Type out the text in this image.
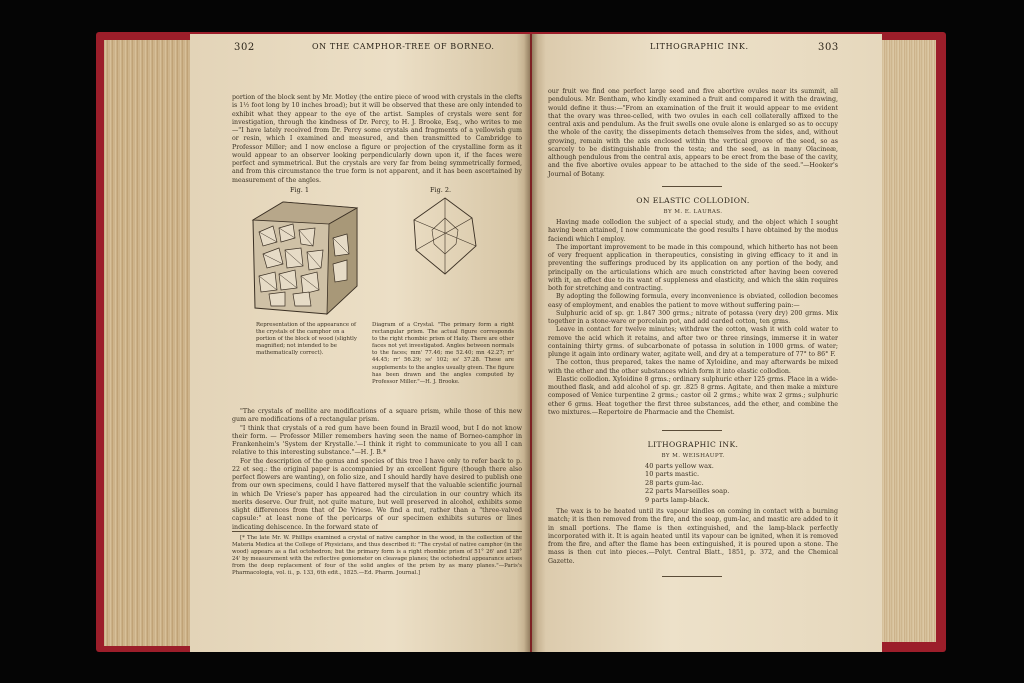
302	ON THE CAMPHOR-TREE OF BORNEO.

portion of the block sent by Mr. Motley (the entire piece of wood with crystals in the clefts is 1½ foot long by 10 inches broad); but it will be observed that these are only intended to exhibit what they appear to the eye of the artist. Samples of crystals were sent for investigation, through the kindness of Dr. Percy, to H. J. Brooke, Esq., who writes to me—"I have lately received from Dr. Percy some crystals and fragments of a yellowish gum or resin, which I examined and measured, and then transmitted to Cambridge to Professor Miller; and I now enclose a figure or projection of the crystalline form as it would appear to an observer looking perpendicularly down upon it, if the faces were perfect and symmetrical. But the crystals are very far from being symmetrically formed, and from this circumstance the true form is not apparent, and it has been ascertained by measurement of the angles.

Fig. 1	Fig. 2.

Representation of the appearance of the crystals of the camphor on a portion of the block of wood (slightly magnified; not intended to be mathematically correct).

Diagram of a Crystal. "The primary form a right rectangular prism. The actual figure corresponds to the right rhombic prism of Haüy. There are other faces not yet investigated. Angles between normals to the faces; mm' 77.46; me 52.40; mn 42.27; rr' 44.45; rr' 56.29; ss' 102; ss' 37.28. These are supplements to the angles usually given. The figure has been drawn and the angles computed by Professor Miller."—H. J. Brooke.

"The crystals of mellite are modifications of a square prism, while those of this new gum are modifications of a rectangular prism.

"I think that crystals of a red gum have been found in Brazil wood, but I do not know their form. — Professor Miller remembers having seen the name of Borneo-camphor in Frankenheim's 'System der Krystalle.'—I think it right to communicate to you all I can relative to this interesting substance."—H. J. B.*

For the description of the genus and species of this tree I have only to refer back to p. 22 et seq.: the original paper is accompanied by an excellent figure (though there also perfect flowers are wanting), on folio size, and I should hardly have desired to publish one from our own specimens, could I have flattered myself that the valuable scientific journal in which De Vriese's paper has appeared had the circulation in our country which its merits deserve. Our fruit, not quite mature, but well preserved in alcohol, exhibits some slight differences from that of De Vriese. We find a nut, rather than a "three-valved capsule:" at least none of the pericarps of our specimen exhibits sutures or lines indicating dehiscence. In the forward state of

[* The late Mr. W. Phillips examined a crystal of native camphor in the wood, in the collection of the Materia Medica at the College of Physicians, and thus described it: "The crystal of native camphor (in the wood) appears as a flat octohedron; but the primary form is a right rhombic prism of 51° 26' and 128° 24' by measurement with the reflective goniometer on cleavage planes; the octohedral appearance arises from the deep replacement of four of the solid angles of the prism by as many planes."—Paris's Pharmacologia, vol. ii., p. 133, 6th edit., 1825.—Ed. Pharm. Journal.]

LITHOGRAPHIC INK.	303

our fruit we find one perfect large seed and five abortive ovules near its summit, all pendulous. Mr. Bentham, who kindly examined a fruit and compared it with the drawing, would define it thus:—"From an examination of the fruit it would appear to me evident that the ovary was three-celled, with two ovules in each cell collaterally affixed to the central axis and pendulum. As the fruit swells one ovule alone is enlarged so as to occupy the whole of the cavity, the dissepiments detach themselves from the sides, and, without growing, remain with the axis enclosed within the vertical groove of the seed, so as scarcely to be distinguishable from the testa; and the seed, as in many Olacineæ, although pendulous from the central axis, appears to be erect from the base of the cavity, and the five abortive ovules appear to be attached to the side of the seed."—Hooker's Journal of Botany.

ON ELASTIC COLLODION.
BY M. E. LAURAS.

Having made collodion the subject of a special study, and the object which I sought having been attained, I now communicate the good results I have obtained by the modus faciendi which I employ.

The important improvement to be made in this compound, which hitherto has not been of very frequent application in therapeutics, consisting in giving efficacy to it and in preventing the sufferings produced by its application on any portion of the body, and principally on the articulations which are much constricted after having been covered with it, an effect due to its want of suppleness and elasticity, and which the skin requires both for stretching and contracting.

By adopting the following formula, every inconvenience is obviated, collodion becomes easy of employment, and enables the patient to move without suffering pain:—

Sulphuric acid of sp. gr. 1.847 300 grms.; nitrate of potassa (very dry) 200 grms. Mix together in a stone-ware or porcelain pot, and add carded cotton, ten grms.

Leave in contact for twelve minutes; withdraw the cotton, wash it with cold water to remove the acid which it retains, and after two or three rinsings, immerse it in water containing thirty grms. of subcarbonate of potassa in solution in 1000 grms. of water; plunge it again into ordinary water, agitate well, and dry at a temperature of 77° to 86° F.

The cotton, thus prepared, takes the name of Xyloidine, and may afterwards be mixed with the ether and the other substances which form it into elastic collodion.

Elastic collodion. Xyloidine 8 grms.; ordinary sulphuric ether 125 grms. Place in a wide-mouthed flask, and add alcohol of sp. gr. .825 8 grms. Agitate, and then make a mixture composed of Venice turpentine 2 grms.; castor oil 2 grms.; white wax 2 grms.; sulphuric ether 6 grms. Heat together the first three substances, add the ether, and combine the two mixtures.—Repertoire de Pharmacie and the Chemist.

LITHOGRAPHIC INK.
BY M. WEISHAUPT.
40 parts yellow wax.
10 parts mastic.
28 parts gum-lac.
22 parts Marseilles soap.
9 parts lamp-black.

The wax is to be heated until its vapour kindles on coming in contact with a burning match; it is then removed from the fire, and the soap, gum-lac, and mastic are added to it in small portions. The flame is then extinguished, and the lamp-black perfectly incorporated with it. It is again heated until its vapour can be ignited, when it is removed from the fire, and after the flame has been extinguished, it is poured upon a stone. The mass is then cut into pieces.—Polyt. Central Blatt., 1851, p. 372, and the Chemical Gazette.
